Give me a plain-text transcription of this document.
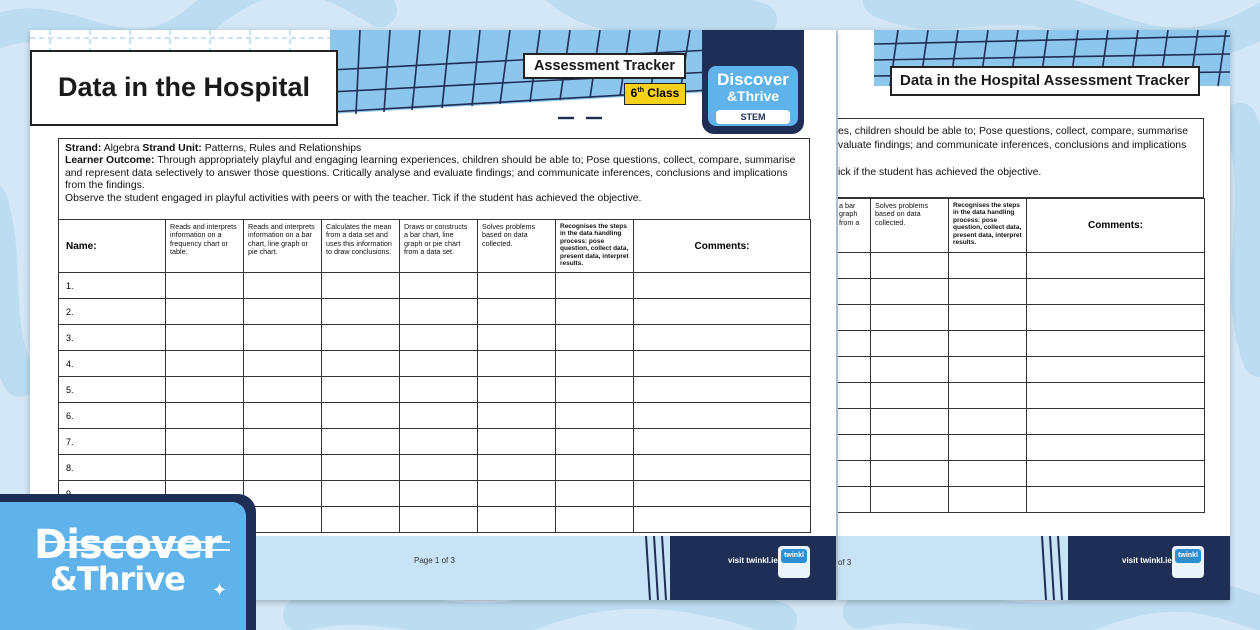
Data in the Hospital Assessment Tracker
es, children should be able to; Pose questions, collect, compare, summarise
valuate findings; and communicate inferences, conclusions and implications
ick if the student has achieved the objective.
a bar
graph
from a	Solves problems based on data collected.	Recognises the steps in the data handling process: pose question, collect data, present data, interpret results.	Comments:

of 3	visit twinkl.ie
twinkl
Data in the Hospital
Assessment Tracker
6th Class
Discover
&Thrive
STEM

Strand: Algebra Strand Unit: Patterns, Rules and Relationships

Learner Outcome: Through appropriately playful and engaging learning experiences, children should be able to; Pose questions, collect, compare, summarise and represent data selectively to answer those questions. Critically analyse and evaluate findings; and communicate inferences, conclusions and implications from the findings.

Observe the student engaged in playful activities with peers or with the teacher. Tick if the student has achieved the objective.

Name:	Reads and interprets information on a frequency chart or table.	Reads and interprets information on a bar chart, line graph or pie chart.	Calculates the mean from a data set and uses this information to draw conclusions.	Draws or constructs a bar chart, line graph or pie chart from a data set.	Solves problems based on data collected.	Recognises the steps in the data handling process: pose question, collect data, present data, interpret results.	Comments:
1.							
2.							
3.							
4.							
5.							
6.							
7.							
8.							

Page 1 of 3	visit twinkl.ie
twinkl
✦
Discover
&Thrive
